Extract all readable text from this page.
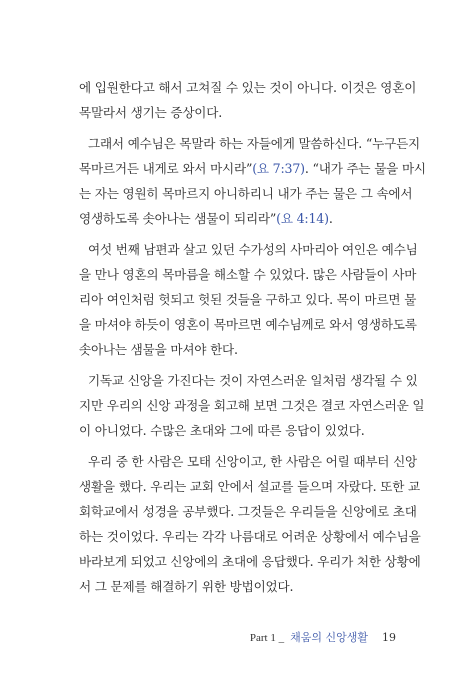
에 입원한다고 해서 고쳐질 수 있는 것이 아니다. 이것은 영혼이
목말라서 생기는 증상이다.
그래서 예수님은 목말라 하는 자들에게 말씀하신다. “누구든지
목마르거든 내게로 와서 마시라”(요 7:37). “내가 주는 물을 마시
는 자는 영원히 목마르지 아니하리니 내가 주는 물은 그 속에서
영생하도록 솟아나는 샘물이 되리라”(요 4:14).
여섯 번째 남편과 살고 있던 수가성의 사마리아 여인은 예수님
을 만나 영혼의 목마름을 해소할 수 있었다. 많은 사람들이 사마
리아 여인처럼 헛되고 헛된 것들을 구하고 있다. 목이 마르면 물
을 마셔야 하듯이 영혼이 목마르면 예수님께로 와서 영생하도록
솟아나는 샘물을 마셔야 한다.
기독교 신앙을 가진다는 것이 자연스러운 일처럼 생각될 수 있
지만 우리의 신앙 과정을 회고해 보면 그것은 결코 자연스러운 일
이 아니었다. 수많은 초대와 그에 따른 응답이 있었다.
우리 중 한 사람은 모태 신앙이고, 한 사람은 어릴 때부터 신앙
생활을 했다. 우리는 교회 안에서 설교를 들으며 자랐다. 또한 교
회학교에서 성경을 공부했다. 그것들은 우리들을 신앙에로 초대
하는 것이었다. 우리는 각각 나름대로 어려운 상황에서 예수님을
바라보게 되었고 신앙에의 초대에 응답했다. 우리가 처한 상황에
서 그 문제를 해결하기 위한 방법이었다.
Part 1 _ 채움의 신앙생활 19
